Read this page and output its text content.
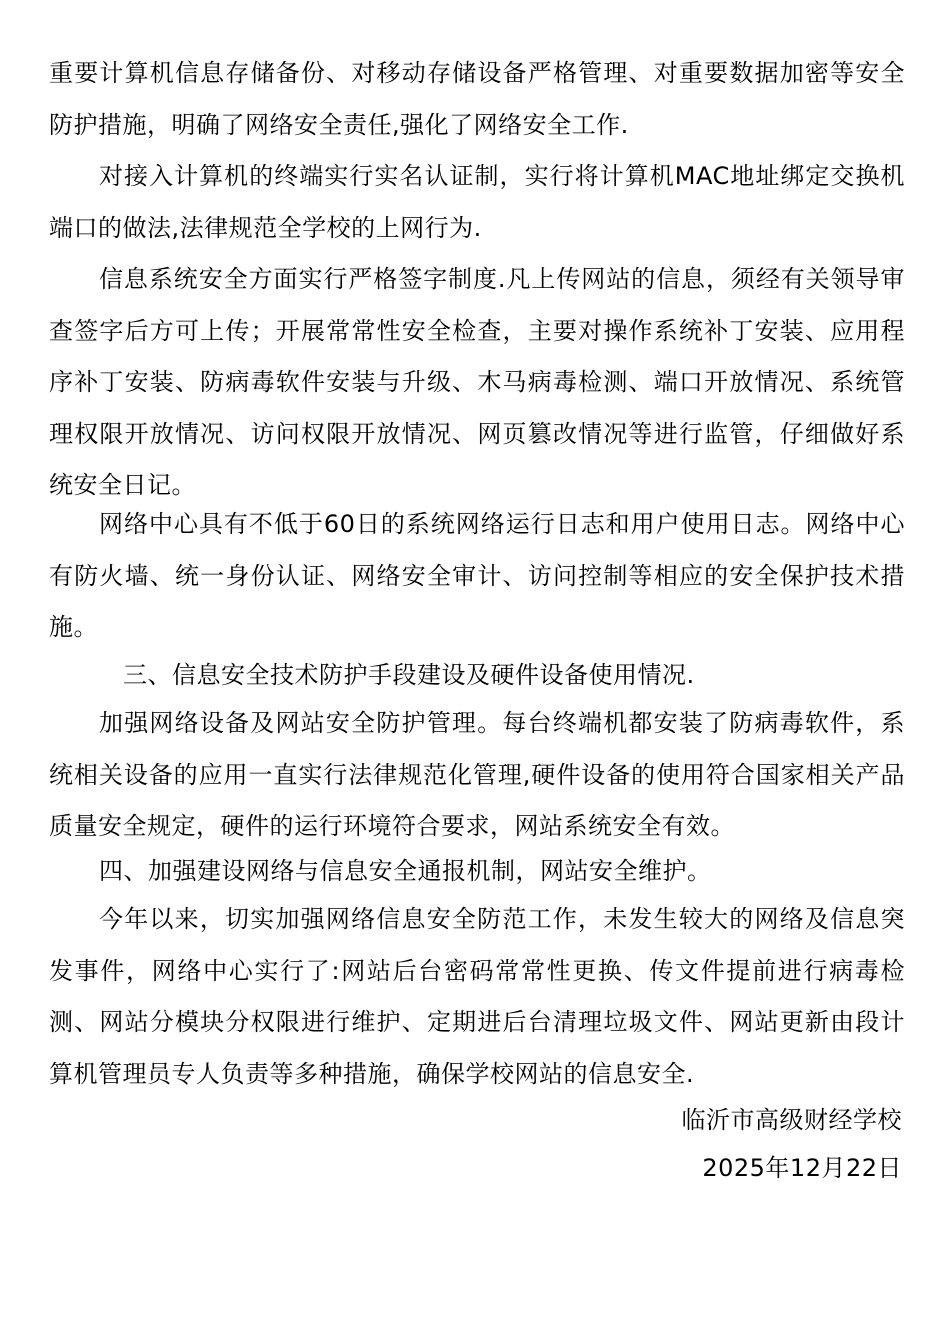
重要计算机信息存储备份、对移动存储设备严格管理、对重要数据加密等安全防护措施，明确了网络安全责任,强化了网络安全工作.

对接入计算机的终端实行实名认证制，实行将计算机MAC地址绑定交换机端口的做法,法律规范全学校的上网行为.

信息系统安全方面实行严格签字制度.凡上传网站的信息，须经有关领导审查签字后方可上传；开展常常性安全检查，主要对操作系统补丁安装、应用程序补丁安装、防病毒软件安装与升级、木马病毒检测、端口开放情况、系统管理权限开放情况、访问权限开放情况、网页篡改情况等进行监管，仔细做好系统安全日记。

网络中心具有不低于60日的系统网络运行日志和用户使用日志。网络中心有防火墙、统一身份认证、网络安全审计、访问控制等相应的安全保护技术措施。

三、信息安全技术防护手段建设及硬件设备使用情况.

加强网络设备及网站安全防护管理。每台终端机都安装了防病毒软件，系统相关设备的应用一直实行法律规范化管理,硬件设备的使用符合国家相关产品质量安全规定，硬件的运行环境符合要求，网站系统安全有效。

四、加强建设网络与信息安全通报机制，网站安全维护。

今年以来，切实加强网络信息安全防范工作，未发生较大的网络及信息突发事件，网络中心实行了:网站后台密码常常性更换、传文件提前进行病毒检测、网站分模块分权限进行维护、定期进后台清理垃圾文件、网站更新由段计算机管理员专人负责等多种措施，确保学校网站的信息安全.

临沂市高级财经学校

2025年12月22日
